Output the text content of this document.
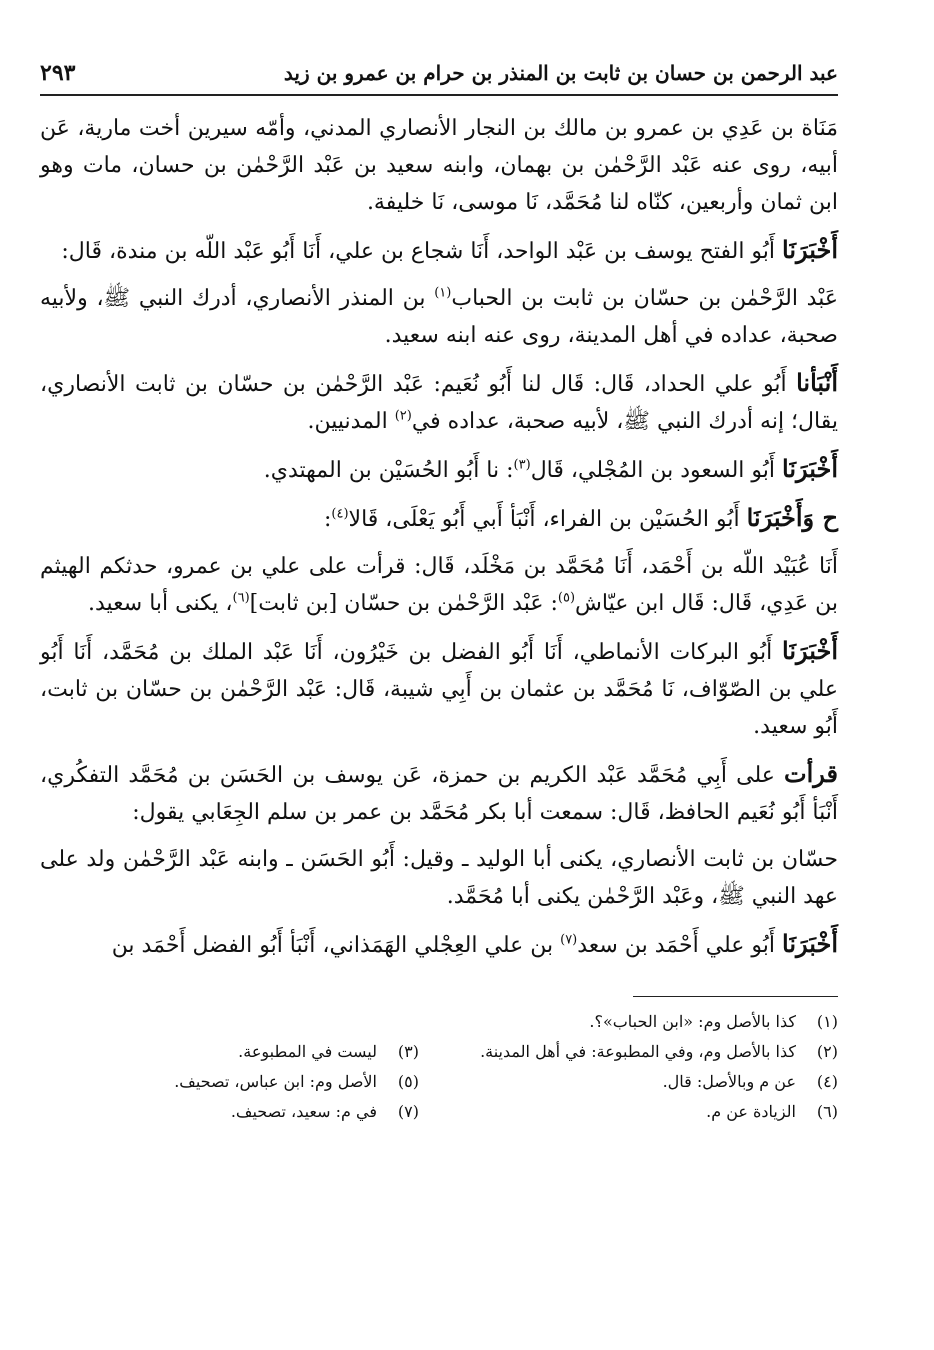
عبد الرحمن بن حسان بن ثابت بن المنذر بن حرام بن عمرو بن زيد
٢٩٣

مَنَاة بن عَدِي بن عمرو بن مالك بن النجار الأنصاري المدني، وأمّه سيرين أخت مارية، عَن أبيه، روى عنه عَبْد الرَّحْمٰن بن بهمان، وابنه سعيد بن عَبْد الرَّحْمٰن بن حسان، مات وهو ابن ثمان وأربعين، كنّاه لنا مُحَمَّد، نَا موسى، نَا خليفة.

أَخْبَرَنَا أَبُو الفتح يوسف بن عَبْد الواحد، أَنَا شجاع بن علي، أَنَا أَبُو عَبْد اللّه بن مندة، قَال:

عَبْد الرَّحْمٰن بن حسّان بن ثابت بن الحباب$^{(١)}$ بن المنذر الأنصاري، أدرك النبي ﷺ، ولأبيه صحبة، عداده في أهل المدينة، روى عنه ابنه سعيد.

أَنْبَأنا أَبُو علي الحداد، قَال: قَال لنا أَبُو نُعَيم: عَبْد الرَّحْمٰن بن حسّان بن ثابت الأنصاري، يقال؛ إنه أدرك النبي ﷺ، لأبيه صحبة، عداده في$^{(٢)}$ المدنيين.

أَخْبَرَنَا أَبُو السعود بن المُجْلي، قَال$^{(٣)}$: نا أَبُو الحُسَيْن بن المهتدي.

ح وَأَخْبَرَنَا أَبُو الحُسَيْن بن الفراء، أَنْبَأ أَبي أَبُو يَعْلَى، قَالا$^{(٤)}$:

أَنَا عُبَيْد اللّه بن أَحْمَد، أَنَا مُحَمَّد بن مَخْلَد، قَال: قرأت على علي بن عمرو، حدثكم الهيثم بن عَدِي، قَال: قَال ابن عيّاش$^{(٥)}$: عَبْد الرَّحْمٰن بن حسّان [بن ثابت]$^{(٦)}$، يكنى أبا سعيد.

أَخْبَرَنَا أَبُو البركات الأنماطي، أَنَا أَبُو الفضل بن خَيْرُون، أَنَا عَبْد الملك بن مُحَمَّد، أَنَا أَبُو علي بن الصّوّاف، نَا مُحَمَّد بن عثمان بن أَبِي شيبة، قَال: عَبْد الرَّحْمٰن بن حسّان بن ثابت، أَبُو سعيد.

قرأت على أَبِي مُحَمَّد عَبْد الكريم بن حمزة، عَن يوسف بن الحَسَن بن مُحَمَّد التفكُري، أَنْبَأ أَبُو نُعَيم الحافظ، قَال: سمعت أبا بكر مُحَمَّد بن عمر بن سلم الجِعَابي يقول:

حسّان بن ثابت الأنصاري، يكنى أبا الوليد ـ وقيل: أَبُو الحَسَن ـ وابنه عَبْد الرَّحْمٰن ولد على عهد النبي ﷺ، وعَبْد الرَّحْمٰن يكنى أبا مُحَمَّد.

أَخْبَرَنَا أَبُو علي أَحْمَد بن سعد$^{(٧)}$ بن علي العِجْلي الهَمَذاني، أَنْبَأ أَبُو الفضل أَحْمَد بن

(١)
كذا بالأصل وم: «ابن الحباب»؟.
(٢)
كذا بالأصل وم، وفي المطبوعة: في أهل المدينة.
(٣)
ليست في المطبوعة.
(٤)
عن م وبالأصل: قال.
(٥)
الأصل وم: ابن عباس، تصحيف.
(٦)
الزيادة عن م.
(٧)
في م: سعيد، تصحيف.
